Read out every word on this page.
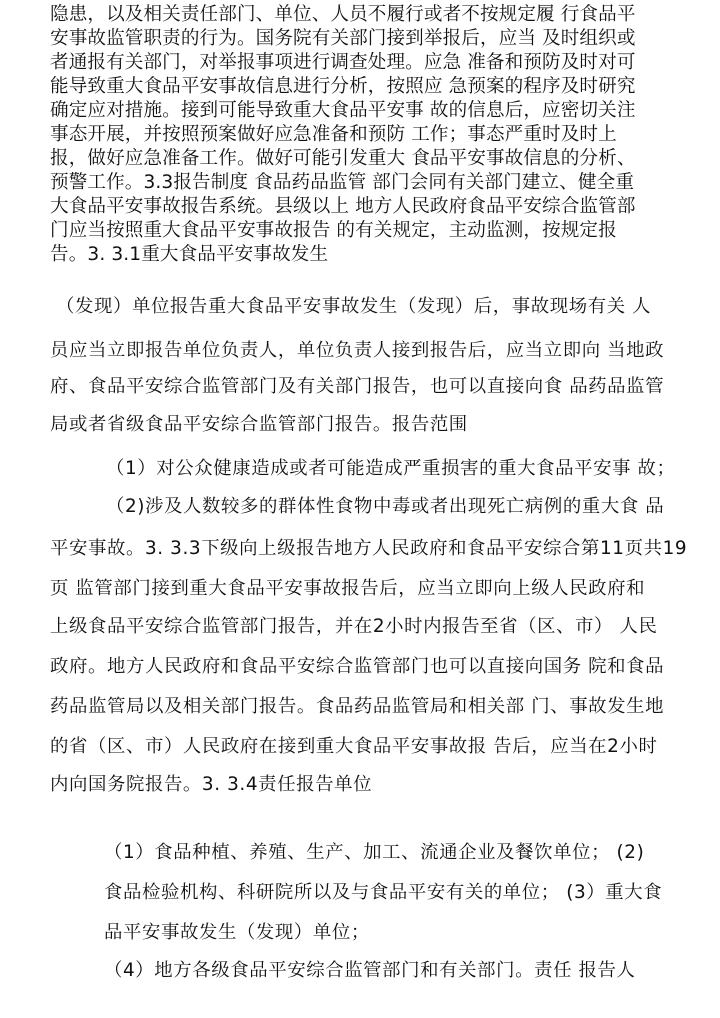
隐患，以及相关责任部门、单位、人员不履行或者不按规定履 行食品平
安事故监管职责的行为。国务院有关部门接到举报后，应当 及时组织或
者通报有关部门，对举报事项进行调查处理。应急 准备和预防及时对可
能导致重大食品平安事故信息进行分析，按照应 急预案的程序及时研究
确定应对措施。接到可能导致重大食品平安事 故的信息后，应密切关注
事态开展，并按照预案做好应急准备和预防 工作；事态严重时及时上
报，做好应急准备工作。做好可能引发重大 食品平安事故信息的分析、
预警工作。3.3报告制度 食品药品监管 部门会同有关部门建立、健全重
大食品平安事故报告系统。县级以上 地方人民政府食品平安综合监管部
门应当按照重大食品平安事故报告 的有关规定，主动监测，按规定报
告。3. 3.1重大食品平安事故发生
（发现）单位报告重大食品平安事故发生（发现）后，事故现场有关 人
员应当立即报告单位负责人，单位负责人接到报告后，应当立即向 当地政
府、食品平安综合监管部门及有关部门报告，也可以直接向食 品药品监管
局或者省级食品平安综合监管部门报告。报告范围
（1）对公众健康造成或者可能造成严重损害的重大食品平安事 故；
（2)涉及人数较多的群体性食物中毒或者出现死亡病例的重大食 品
平安事故。3. 3.3下级向上级报告地方人民政府和食品平安综合第11页共19
页 监管部门接到重大食品平安事故报告后，应当立即向上级人民政府和
上级食品平安综合监管部门报告，并在2小时内报告至省（区、市） 人民
政府。地方人民政府和食品平安综合监管部门也可以直接向国务 院和食品
药品监管局以及相关部门报告。食品药品监管局和相关部 门、事故发生地
的省（区、市）人民政府在接到重大食品平安事故报 告后，应当在2小时
内向国务院报告。3. 3.4责任报告单位
（1）食品种植、养殖、生产、加工、流通企业及餐饮单位； (2)
食品检验机构、科研院所以及与食品平安有关的单位； (3）重大食
品平安事故发生（发现）单位；
（4）地方各级食品平安综合监管部门和有关部门。责任 报告人
